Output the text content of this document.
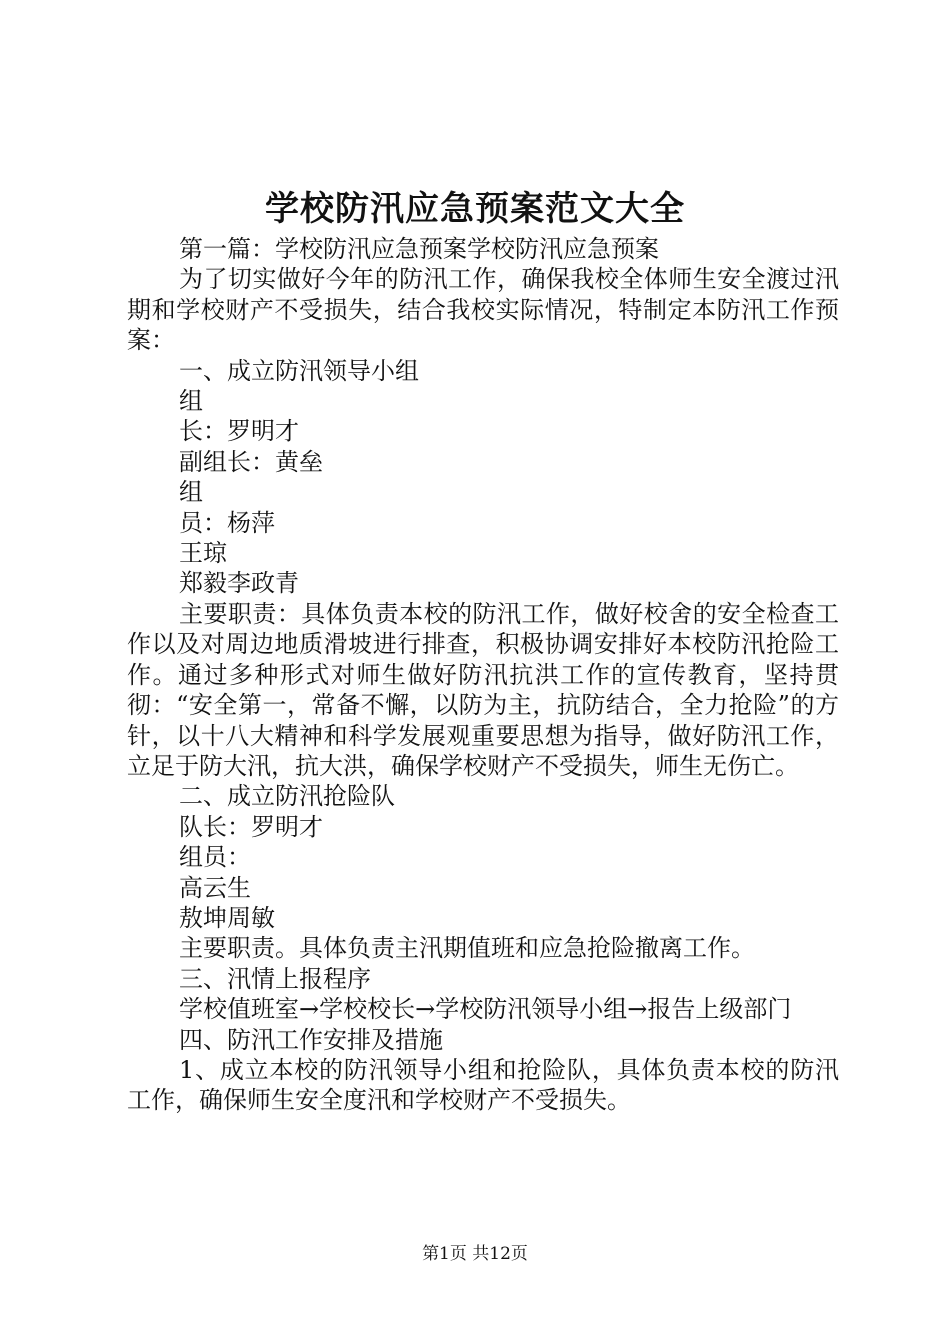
学校防汛应急预案范文大全

第一篇：学校防汛应急预案学校防汛应急预案

为了切实做好今年的防汛工作，确保我校全体师生安全渡过汛期和学校财产不受损失，结合我校实际情况，特制定本防汛工作预案：

一、成立防汛领导小组

组

长：罗明才

副组长：黄垒

组

员：杨萍

王琼

郑毅李政青

主要职责：具体负责本校的防汛工作，做好校舍的安全检查工作以及对周边地质滑坡进行排查，积极协调安排好本校防汛抢险工作。通过多种形式对师生做好防汛抗洪工作的宣传教育，坚持贯彻：“安全第一，常备不懈，以防为主，抗防结合，全力抢险”的方针，以十八大精神和科学发展观重要思想为指导，做好防汛工作，立足于防大汛，抗大洪，确保学校财产不受损失，师生无伤亡。

二、成立防汛抢险队

队长：罗明才

组员：

高云生

敖坤周敏

主要职责。具体负责主汛期值班和应急抢险撤离工作。

三、汛情上报程序

学校值班室→学校校长→学校防汛领导小组→报告上级部门

四、防汛工作安排及措施

1、成立本校的防汛领导小组和抢险队，具体负责本校的防汛工作，确保师生安全度汛和学校财产不受损失。

第1页 共12页
